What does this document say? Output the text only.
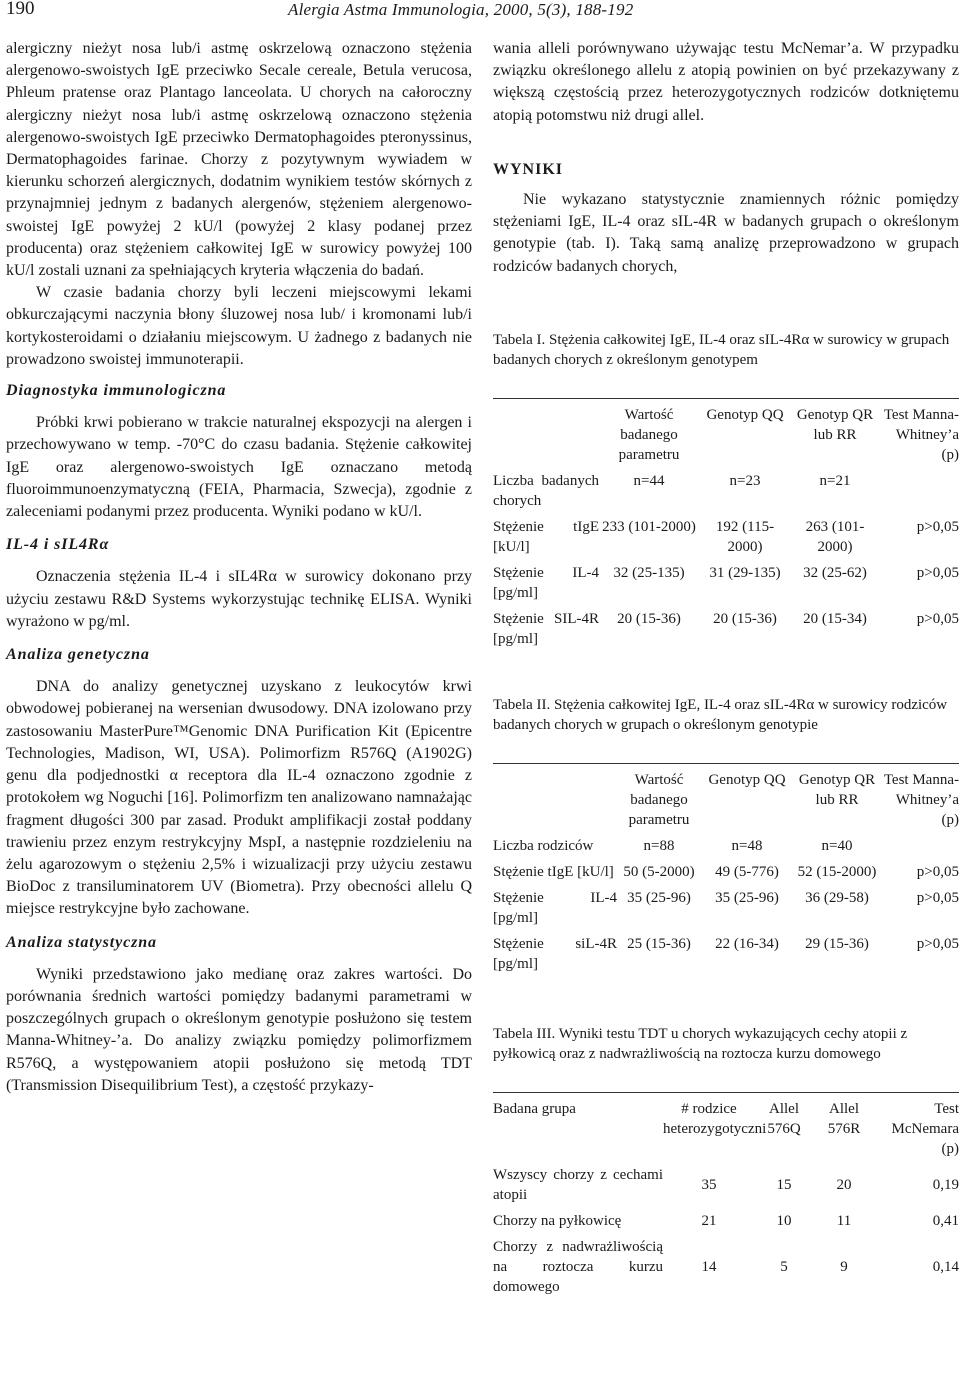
190	Alergia Astma Immunologia, 2000, 5(3), 188-192

alergiczny nieżyt nosa lub/i astmę oskrzelową oznaczono stężenia alergenowo-swoistych IgE przeciwko Secale cereale, Betula verucosa, Phleum pratense oraz Plantago lanceolata. U chorych na całoroczny alergiczny nieżyt nosa lub/i astmę oskrzelową oznaczono stężenia alergenowo-swoistych IgE przeciwko Dermatophagoides pteronyssinus, Dermatophagoides farinae. Chorzy z pozytywnym wywiadem w kierunku schorzeń alergicznych, dodatnim wynikiem testów skórnych z przynajmniej jednym z badanych alergenów, stężeniem alergenowo-swoistej IgE powyżej 2 kU/l (powyżej 2 klasy podanej przez producenta) oraz stężeniem całkowitej IgE w surowicy powyżej 100 kU/l zostali uznani za spełniających kryteria włączenia do badań.

W czasie badania chorzy byli leczeni miejscowymi lekami obkurczającymi naczynia błony śluzowej nosa lub/ i kromonami lub/i kortykosteroidami o działaniu miejscowym. U żadnego z badanych nie prowadzono swoistej immunoterapii.

Diagnostyka immunologiczna

Próbki krwi pobierano w trakcie naturalnej ekspozycji na alergen i przechowywano w temp. -70°C do czasu badania. Stężenie całkowitej IgE oraz alergenowo-swoistych IgE oznaczano metodą fluoroimmunoenzymatyczną (FEIA, Pharmacia, Szwecja), zgodnie z zaleceniami podanymi przez producenta. Wyniki podano w kU/l.

IL-4 i sIL4Rα

Oznaczenia stężenia IL-4 i sIL4Rα w surowicy dokonano przy użyciu zestawu R&D Systems wykorzystując technikę ELISA. Wyniki wyrażono w pg/ml.

Analiza genetyczna

DNA do analizy genetycznej uzyskano z leukocytów krwi obwodowej pobieranej na wersenian dwusodowy. DNA izolowano przy zastosowaniu MasterPure™Genomic DNA Purification Kit (Epicentre Technologies, Madison, WI, USA). Polimorfizm R576Q (A1902G) genu dla podjednostki α receptora dla IL-4 oznaczono zgodnie z protokołem wg Noguchi [16]. Polimorfizm ten analizowano namnażając fragment długości 300 par zasad. Produkt amplifikacji został poddany trawieniu przez enzym restrykcyjny MspI, a następnie rozdzieleniu na żelu agarozowym o stężeniu 2,5% i wizualizacji przy użyciu zestawu BioDoc z transiluminatorem UV (Biometra). Przy obecności allelu Q miejsce restrykcyjne było zachowane.

Analiza statystyczna

Wyniki przedstawiono jako medianę oraz zakres wartości. Do porównania średnich wartości pomiędzy badanymi parametrami w poszczególnych grupach o określonym genotypie posłużono się testem Manna-Whitney-’a. Do analizy związku pomiędzy polimorfizmem R576Q, a występowaniem atopii posłużono się metodą TDT (Transmission Disequilibrium Test), a częstość przykazy-

wania alleli porównywano używając testu McNemar’a. W przypadku związku określonego allelu z atopią powinien on być przekazywany z większą częstością przez heterozygotycznych rodziców dotkniętemu atopią potomstwu niż drugi allel.

WYNIKI

Nie wykazano statystycznie znamiennych różnic pomiędzy stężeniami IgE, IL-4 oraz sIL-4R w badanych grupach o określonym genotypie (tab. I). Taką samą analizę przeprowadzono w grupach rodziców badanych chorych,

Tabela I. Stężenia całkowitej IgE, IL-4 oraz sIL-4Rα w surowicy w grupach badanych chorych z określonym genotypem
	Wartość badanego parametru	Genotyp QQ	Genotyp QR lub RR	Test Manna-Whitney’a (p)
Liczba badanych chorych	n=44	n=23	n=21	
Stężenie tIgE [kU/l]	233 (101-2000)	192 (115-2000)	263 (101-2000)	p>0,05
Stężenie IL-4 [pg/ml]	32 (25-135)	31 (29-135)	32 (25-62)	p>0,05
Stężenie SIL-4R [pg/ml]	20 (15-36)	20 (15-36)	20 (15-34)	p>0,05
Tabela II. Stężenia całkowitej IgE, IL-4 oraz sIL-4Rα w surowicy rodziców badanych chorych w grupach o określonym genotypie
	Wartość badanego parametru	Genotyp QQ	Genotyp QR lub RR	Test Manna-Whitney’a (p)
Liczba rodziców	n=88	n=48	n=40	
Stężenie tIgE [kU/l]	50 (5-2000)	49 (5-776)	52 (15-2000)	p>0,05
Stężenie IL-4 [pg/ml]	35 (25-96)	35 (25-96)	36 (29-58)	p>0,05
Stężenie siL-4R [pg/ml]	25 (15-36)	22 (16-34)	29 (15-36)	p>0,05
Tabela III. Wyniki testu TDT u chorych wykazujących cechy atopii z pyłkowicą oraz z nadwrażliwością na roztocza kurzu domowego
Badana grupa	# rodzice heterozygotyczni	Allel 576Q	Allel 576R	Test McNemara (p)
Wszyscy chorzy z cechami atopii	35	15	20	0,19
Chorzy na pyłkowicę	21	10	11	0,41
Chorzy z nadwrażliwością na roztocza kurzu domowego	14	5	9	0,14
